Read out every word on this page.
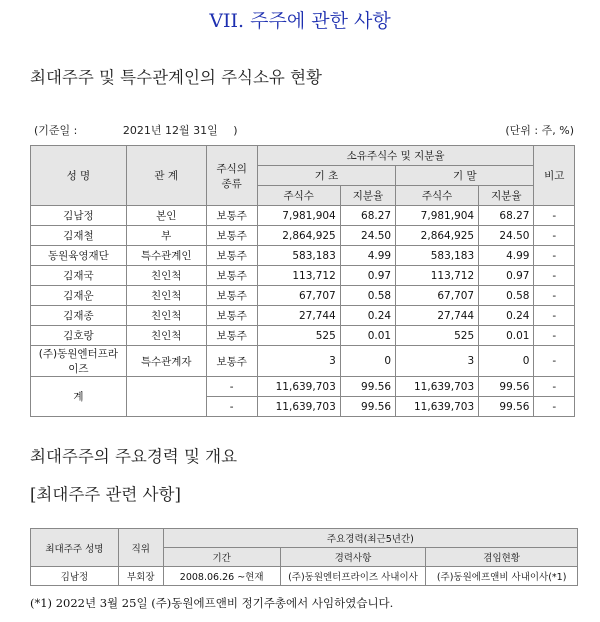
VII. 주주에 관한 사항
최대주주 및 특수관계인의 주식소유 현황
(기준일 :	2021년 12월 31일 )	(단위 : 주, %)
성 명	관 계	주식의 종류	소유주식수 및 지분율				비고
			기 초		기 말		
			주식수	지분율	주식수	지분율	
김남정	본인	보통주	7,981,904	68.27	7,981,904	68.27	-
김재철	부	보통주	2,864,925	24.50	2,864,925	24.50	-
동원육영재단	특수관계인	보통주	583,183	4.99	583,183	4.99	-
김재국	친인척	보통주	113,712	0.97	113,712	0.97	-
김재운	친인척	보통주	67,707	0.58	67,707	0.58	-
김재종	친인척	보통주	27,744	0.24	27,744	0.24	-
김호랑	친인척	보통주	525	0.01	525	0.01	-
(주)동원엔터프라이즈	특수관계자	보통주	3	0	3	0	-
계		-	11,639,703	99.56	11,639,703	99.56	-
		-	11,639,703	99.56	11,639,703	99.56	-
최대주주의 주요경력 및 개요
[최대주주 관련 사항]
최대주주 성명	직위	주요경력(최근5년간)		
		기간	경력사항	겸임현황
김남정	부회장	2008.06.26 ~현재	(주)동원엔터프라이즈 사내이사	(주)동원에프앤비 사내이사(*1)
(*1) 2022년 3월 25일 (주)동원에프앤비 정기주총에서 사임하였습니다.
